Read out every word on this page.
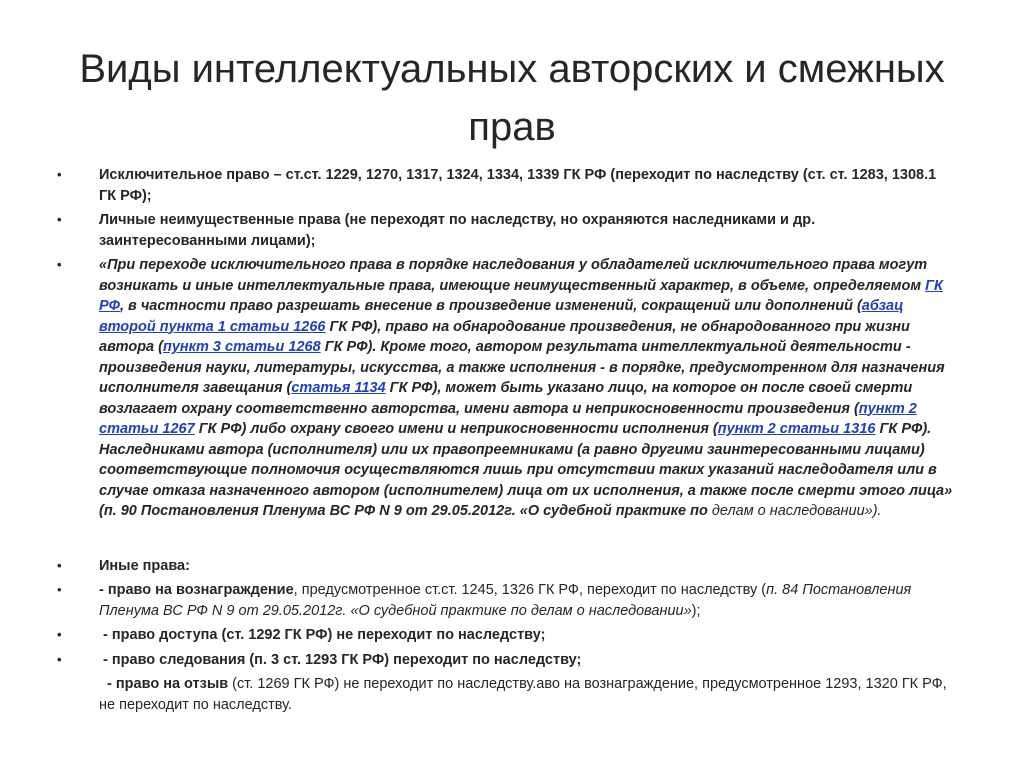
Виды интеллектуальных авторских и смежных прав
•	Исключительное право – ст.ст. 1229, 1270, 1317, 1324, 1334, 1339 ГК РФ (переходит по наследству (ст. ст. 1283, 1308.1 ГК РФ);
•	Личные неимущественные права (не переходят по наследству, но охраняются наследниками и др. заинтересованными лицами);
•	«При переходе исключительного права в порядке наследования у обладателей исключительного права могут возникать и иные интеллектуальные права, имеющие неимущественный характер, в объеме, определяемом ГК РФ, в частности право разрешать внесение в произведение изменений, сокращений или дополнений (абзац второй пункта 1 статьи 1266 ГК РФ), право на обнародование произведения, не обнародованного при жизни автора (пункт 3 статьи 1268 ГК РФ). Кроме того, автором результата интеллектуальной деятельности - произведения науки, литературы, искусства, а также исполнения - в порядке, предусмотренном для назначения исполнителя завещания (статья 1134 ГК РФ), может быть указано лицо, на которое он после своей смерти возлагает охрану соответственно авторства, имени автора и неприкосновенности произведения (пункт 2 статьи 1267 ГК РФ) либо охрану своего имени и неприкосновенности исполнения (пункт 2 статьи 1316 ГК РФ). Наследниками автора (исполнителя) или их правопреемниками (а равно другими заинтересованными лицами) соответствующие полномочия осуществляются лишь при отсутствии таких указаний наследодателя или в случае отказа назначенного автором (исполнителем) лица от их исполнения, а также после смерти этого лица» (п. 90 Постановления Пленума ВС РФ N 9 от 29.05.2012г. «О судебной практике по делам о наследовании»).
•	Иные права:
•	- право на вознаграждение, предусмотренное ст.ст. 1245, 1326 ГК РФ, переходит по наследству (п. 84 Постановления Пленума ВС РФ N 9 от 29.05.2012г. «О судебной практике по делам о наследовании»);
•	- право доступа (ст. 1292 ГК РФ) не переходит по наследству;
•	- право следования (п. 3 ст. 1293 ГК РФ) переходит по наследству;
- право на отзыв (ст. 1269 ГК РФ) не переходит по наследству.аво на вознаграждение, предусмотренное 1293, 1320 ГК РФ, не переходит по наследству.
